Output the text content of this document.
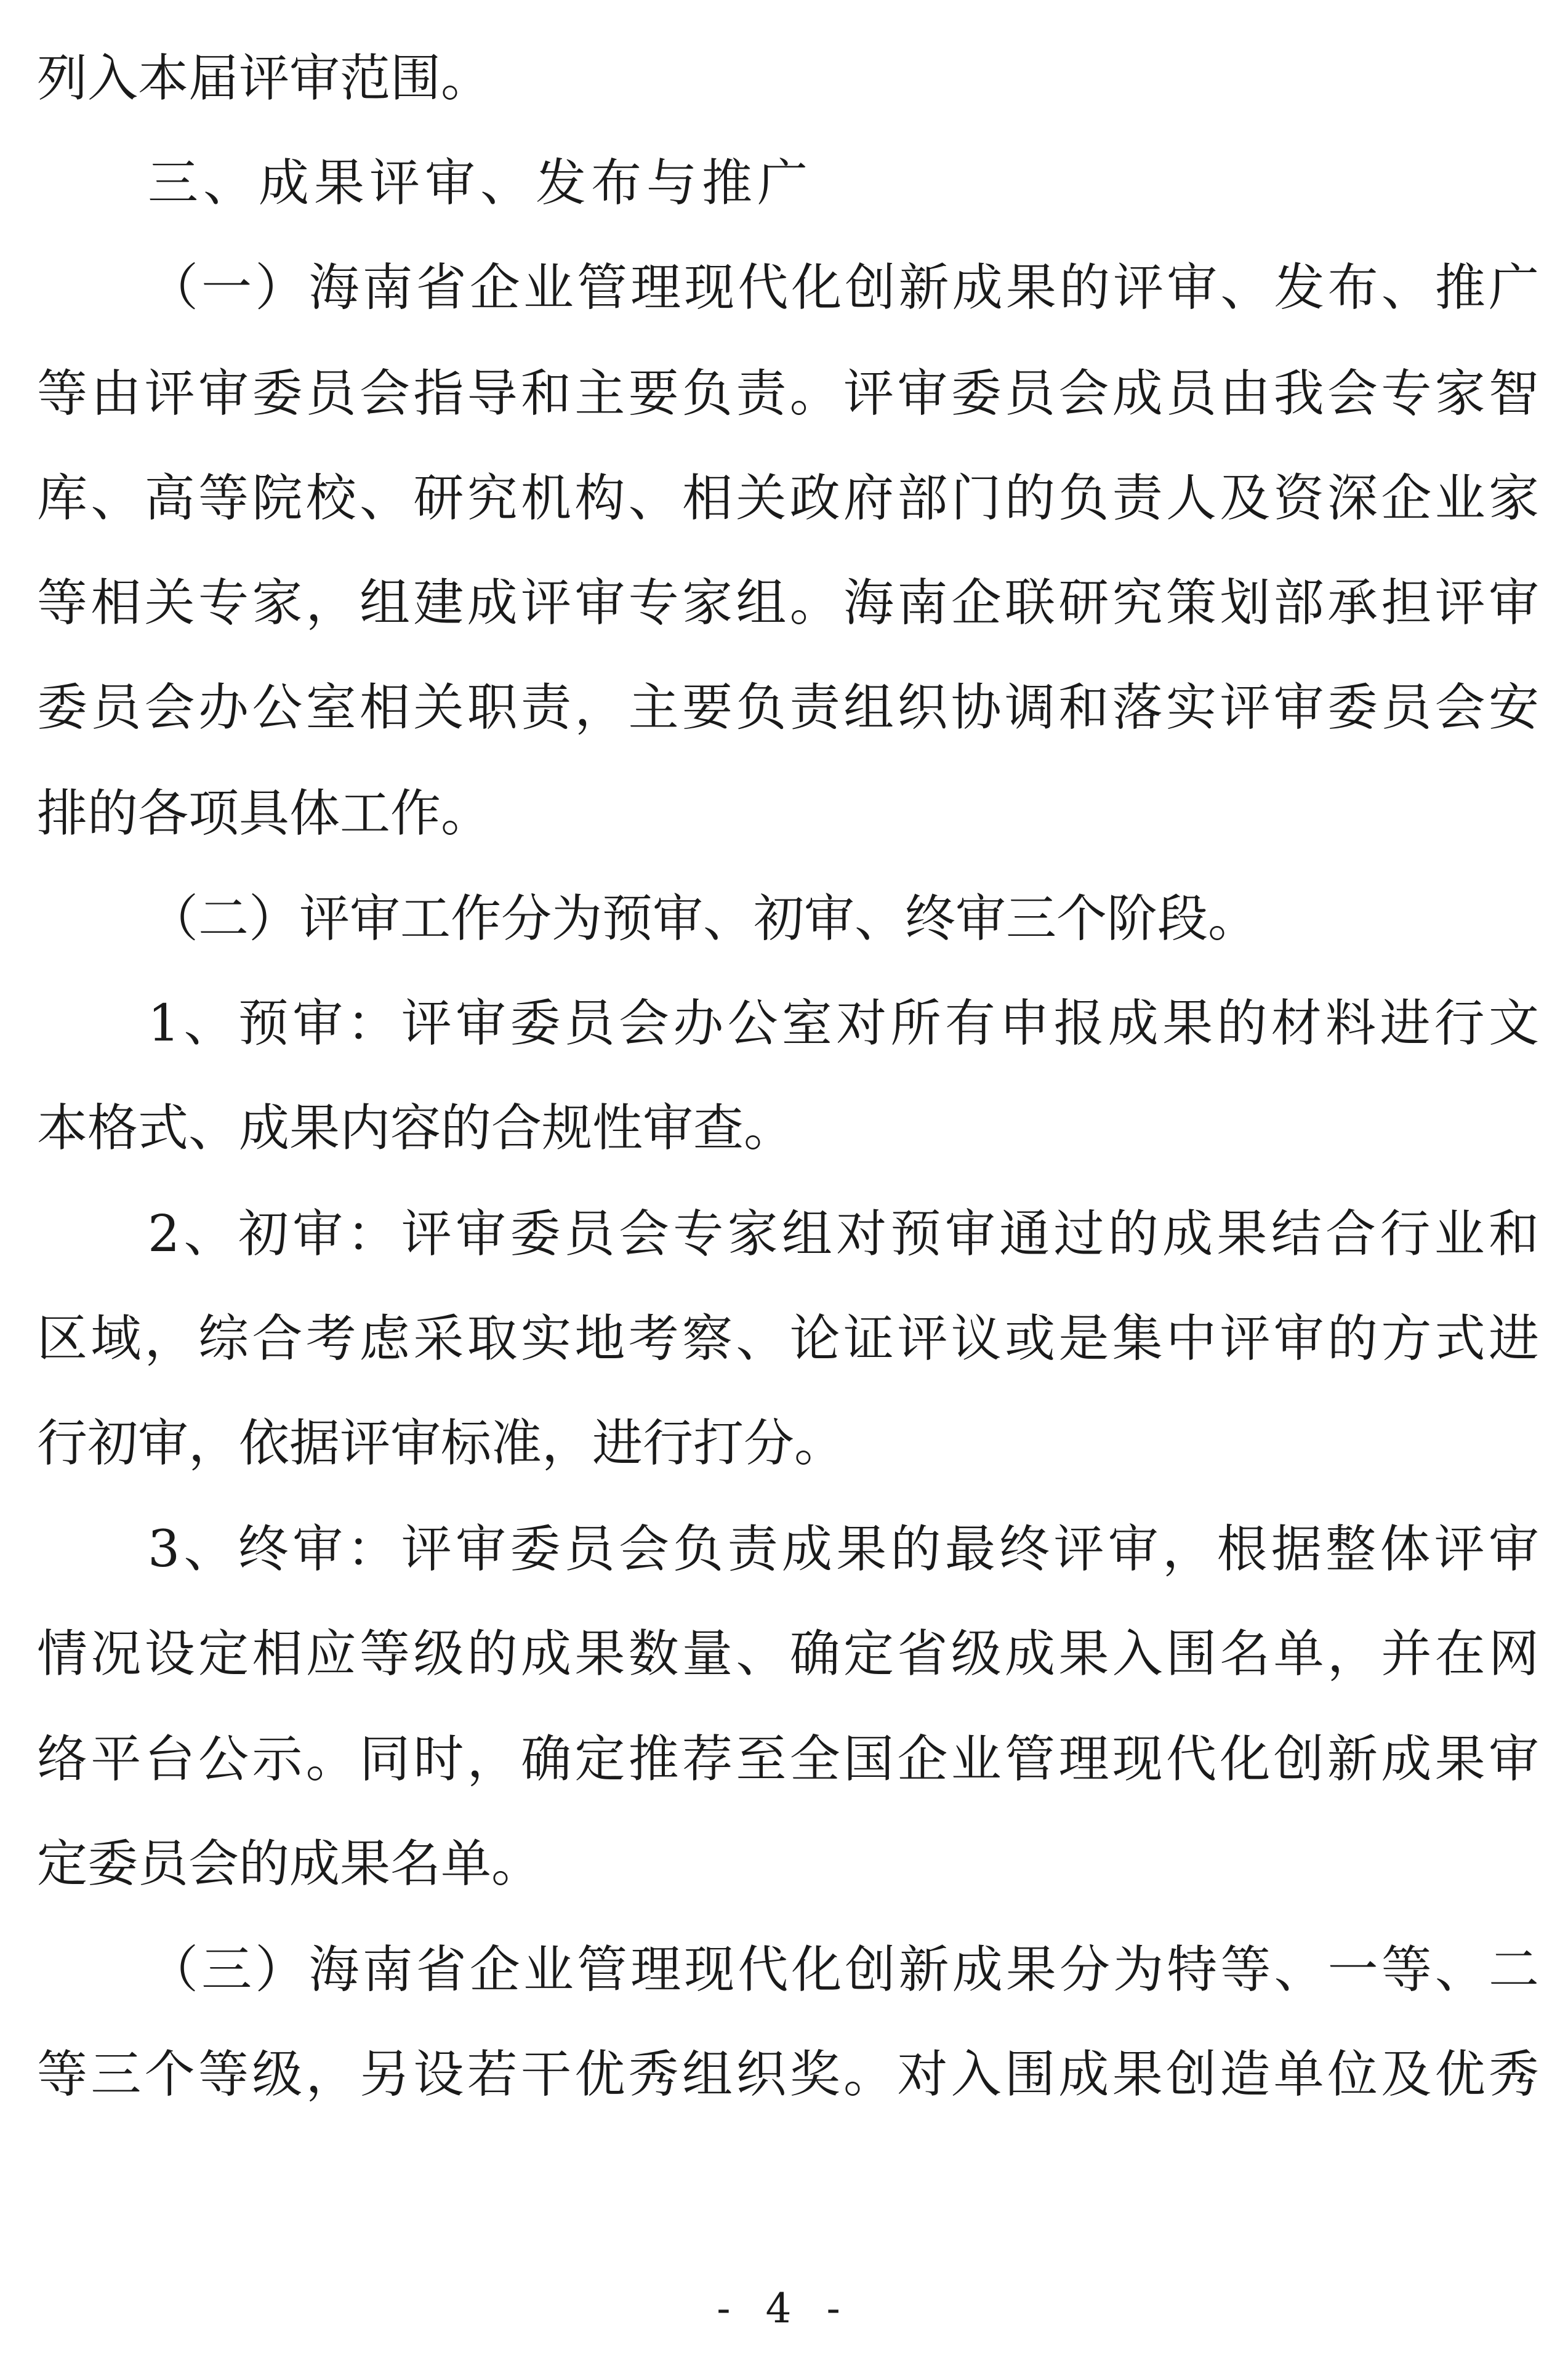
列入本届评审范围。
三、成果评审、发布与推广
（一）海南省企业管理现代化创新成果的评审、发布、推广
等由评审委员会指导和主要负责。评审委员会成员由我会专家智
库、高等院校、研究机构、相关政府部门的负责人及资深企业家
等相关专家，组建成评审专家组。海南企联研究策划部承担评审
委员会办公室相关职责，主要负责组织协调和落实评审委员会安
排的各项具体工作。
（二）评审工作分为预审、初审、终审三个阶段。
1、预审：评审委员会办公室对所有申报成果的材料进行文
本格式、成果内容的合规性审查。
2、初审：评审委员会专家组对预审通过的成果结合行业和
区域，综合考虑采取实地考察、论证评议或是集中评审的方式进
行初审，依据评审标准，进行打分。
3、终审：评审委员会负责成果的最终评审，根据整体评审
情况设定相应等级的成果数量、确定省级成果入围名单，并在网
络平台公示。同时，确定推荐至全国企业管理现代化创新成果审
定委员会的成果名单。
（三）海南省企业管理现代化创新成果分为特等、一等、二
等三个等级，另设若干优秀组织奖。对入围成果创造单位及优秀
- 4 -
